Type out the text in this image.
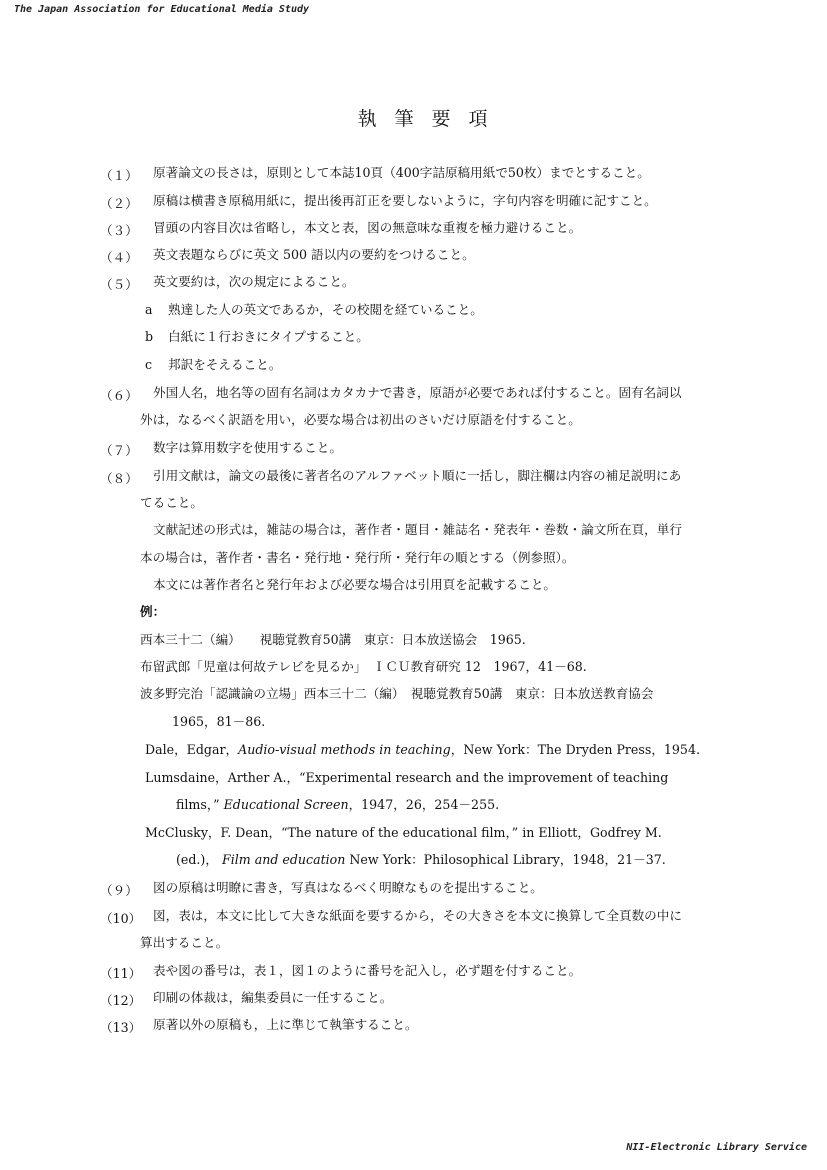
The Japan Association for Educational Media Study
執筆要項
（１） 原著論文の長さは，原則として本誌10頁（400字詰原稿用紙で50枚）までとすること。
（２） 原稿は横書き原稿用紙に，提出後再訂正を要しないように，字句内容を明確に記すこと。
（３） 冒頭の内容目次は省略し，本文と表，図の無意味な重複を極力避けること。
（４） 英文表題ならびに英文 500 語以内の要約をつけること。
（５） 英文要約は，次の規定によること。
a 熟達した人の英文であるか，その校閲を経ていること。
b 白紙に１行おきにタイプすること。
c 邦訳をそえること。
（６） 外国人名，地名等の固有名詞はカタカナで書き，原語が必要であれば付すること。固有名詞以
外は，なるべく訳語を用い，必要な場合は初出のさいだけ原語を付すること。
（７） 数字は算用数字を使用すること。
（８） 引用文献は，論文の最後に著者名のアルファベット順に一括し，脚注欄は内容の補足説明にあ
てること。
文献記述の形式は，雑誌の場合は，著作者・題目・雑誌名・発表年・巻数・論文所在頁，単行
本の場合は，著作者・書名・発行地・発行所・発行年の順とする（例参照）。
本文には著作者名と発行年および必要な場合は引用頁を記載すること。
例：
西本三十二（編）　　視聴覚教育50講　東京：日本放送協会　1965.
布留武郎「児童は何故テレビを見るか」　ＩＣＵ教育研究 12　1967，41－68.
波多野完治「認識論の立場」西本三十二（編）　視聴覚教育50講　東京：日本放送教育協会
1965，81－86.
Dale，Edgar，Audio-visual methods in teaching，New York：The Dryden Press，1954.
Lumsdaine，Arther A.，“Experimental research and the improvement of teaching
films，” Educational Screen，1947，26，254－255.
McClusky，F. Dean，“The nature of the educational film，” in Elliott，Godfrey M.
(ed.)， Film and education New York：Philosophical Library，1948，21－37.
（９） 図の原稿は明瞭に書き，写真はなるべく明瞭なものを提出すること。
（10） 図，表は，本文に比して大きな紙面を要するから，その大きさを本文に換算して全頁数の中に
算出すること。
（11） 表や図の番号は，表１，図１のように番号を記入し，必ず題を付すること。
（12） 印刷の体裁は，編集委員に一任すること。
（13） 原著以外の原稿も，上に準じて執筆すること。
NII-Electronic Library Service
